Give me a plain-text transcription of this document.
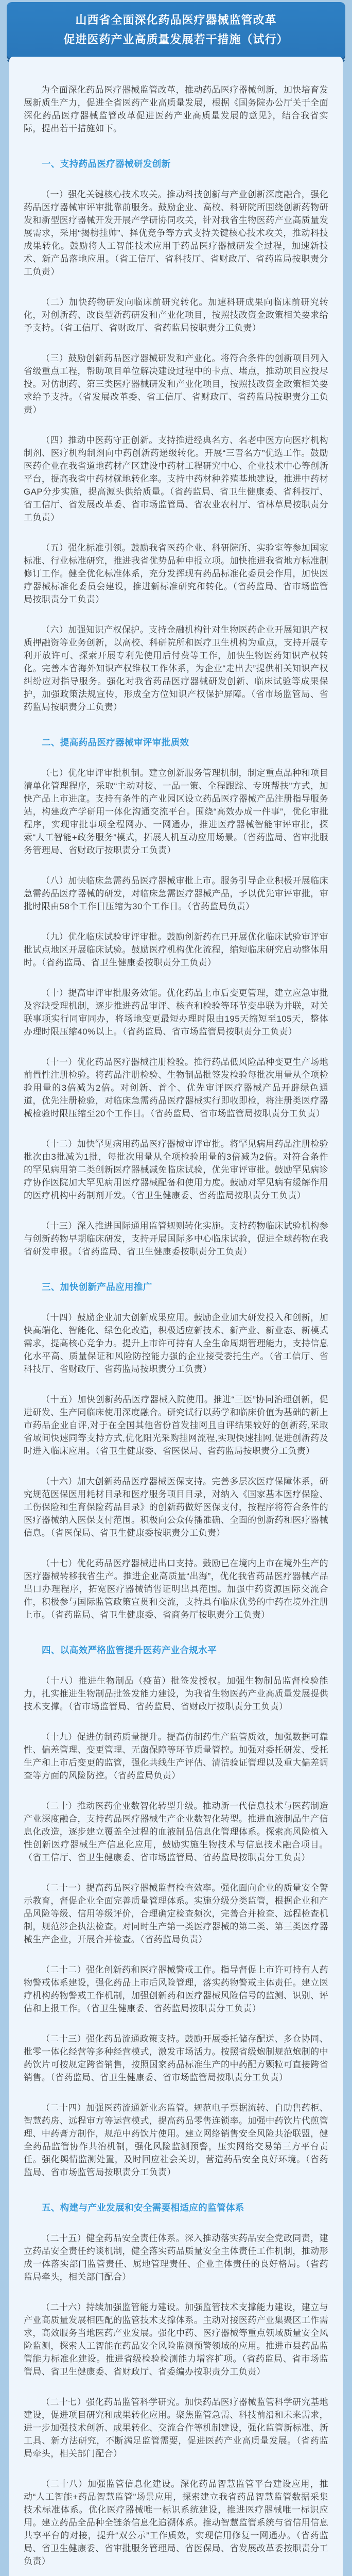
山西省全面深化药品医疗器械监管改革
促进医药产业高质量发展若干措施（试行）

为全面深化药品医疗器械监管改革，推动药品医疗器械创新，加快培育发展新质生产力，促进全省医药产业高质量发展，根据《国务院办公厅关于全面深化药品医疗器械监管改革促进医药产业高质量发展的意见》，结合我省实际，提出若干措施如下。

一、支持药品医疗器械研发创新

（一）强化关键核心技术攻关。推动科技创新与产业创新深度融合，强化药品医疗器械审评审批靠前服务。鼓励企业、高校、科研院所围绕创新药物研发和新型医疗器械开发开展产学研协同攻关，针对我省生物医药产业高质量发展需求，采用“揭榜挂帅”、择优竞争等方式支持关键核心技术攻关，推动科技成果转化。鼓励将人工智能技术应用于药品医疗器械研发全过程，加速新技术、新产品落地应用。（省工信厅、省科技厅、省财政厅、省药监局按职责分工负责）

（二）加快药物研发向临床前研究转化。加速科研成果向临床前研究转化，对创新药、改良型新药研发和产业化项目，按照技改资金政策相关要求给予支持。（省工信厅、省财政厅、省药监局按职责分工负责）

（三）鼓励创新药品医疗器械研发和产业化。将符合条件的创新项目列入省级重点工程，帮助项目单位解决建设过程中的卡点、堵点，推动项目应投尽投。对仿制药、第三类医疗器械研发和产业化项目，按照技改资金政策相关要求给予支持。（省发展改革委、省工信厅、省财政厅、省药监局按职责分工负责）

（四）推动中医药守正创新。支持推进经典名方、名老中医方向医疗机构制剂、医疗机构制剂向中药创新药递级转化。开展“三晋名方”优选工作。鼓励医药企业在我省道地药材产区建设中药材工程研究中心、企业技术中心等创新平台，提高我省中药材就地转化率。支持中药材种养殖基地建设，推进中药材GAP分步实施，提高源头供给质量。（省药监局、省卫生健康委、省科技厅、省工信厅、省发展改革委、省市场监管局、省农业农村厅、省林草局按职责分工负责）

（五）强化标准引领。鼓励我省医药企业、科研院所、实验室等参加国家标准、行业标准研究，推进我省优势品种申报立项。加快推进我省地方标准制修订工作。健全优化标准体系，充分发挥现有药品标准化委员会作用，加快医疗器械标准化委员会建设，推进新标准研究和转化。（省药监局、省市场监管局按职责分工负责）

（六）加强知识产权保护。支持金融机构针对生物医药企业开展知识产权质押融资等业务创新，以高校、科研院所和医疗卫生机构为重点，支持开展专利开放许可、探索开展专利先使用后付费等工作，加快生物医药知识产权转化。完善本省海外知识产权维权工作体系，为企业“走出去”提供相关知识产权纠纷应对指导服务。强化对我省药品医疗器械研发创新、临床试验等成果保护，加强政策法规宣传，形成全方位知识产权保护屏障。（省市场监管局、省药监局按职责分工负责）

二、提高药品医疗器械审评审批质效

（七）优化审评审批机制。建立创新服务管理机制，制定重点品种和项目清单化管理程序，采取“主动对接、一品一策、全程跟踪、专班帮扶”方式，加快产品上市进度。支持有条件的产业园区设立药品医疗器械产品注册指导服务站，构建政产学研用一体化沟通交流平台。围绕“高效办成一件事”，优化审批程序，实现审批事项全程网办、一网通办，推进医疗器械智能审评审批，探索“人工智能+政务服务”模式，拓展人机互动应用场景。（省药监局、省审批服务管理局、省财政厅按职责分工负责）

（八）加快临床急需药品医疗器械审批上市。服务引导企业积极开展临床急需药品医疗器械的研发，对临床急需医疗器械产品，予以优先审评审批，审批时限由58个工作日压缩为30个工作日。（省药监局负责）

（九）优化临床试验审评审批。鼓励创新药在已开展优化临床试验审评审批试点地区开展临床试验。鼓励医疗机构优化流程，缩短临床研究启动整体用时。（省药监局、省卫生健康委按职责分工负责）

（十）提高审评审批服务效能。优化药品上市后变更管理，建立应急审批及容缺受理机制，逐步推进药品审评、核查和检验等环节变串联为并联，对关联事项实行同审同办，将场地变更最短办理时限由195天缩短至105天，整体办理时限压缩40%以上。（省药监局、省市场监管局按职责分工负责）

（十一）优化药品医疗器械注册检验。推行药品低风险品种变更生产场地前置性注册检验。将药品注册检验、生物制品批签发检验每批次用量从全项检验用量的3倍减为2倍。对创新、首个、优先审评医疗器械产品开辟绿色通道，优先注册检验，对临床急需药品医疗器械实行即收即检，将注册类医疗器械检验时限压缩至20个工作日。（省药监局、省市场监管局按职责分工负责）

（十二）加快罕见病用药品医疗器械审评审批。将罕见病用药品注册检验批次由3批减为1批，每批次用量从全项检验用量的3倍减为2倍。对符合条件的罕见病用第二类创新医疗器械减免临床试验，优先审评审批。鼓励罕见病诊疗协作医院加大罕见病用医疗器械配备和使用力度。鼓励对罕见病有缓解作用的医疗机构中药制剂开发。（省卫生健康委、省药监局按职责分工负责）

（十三）深入推进国际通用监管规则转化实施。支持药物临床试验机构参与创新药物早期临床研发，支持开展国际多中心临床试验，促进全球药物在我省研发申报。（省药监局、省卫生健康委按职责分工负责）

三、加快创新产品应用推广

（十四）鼓励企业加大创新成果应用。鼓励企业加大研发投入和创新，加快高端化、智能化、绿色化改造，积极适应新技术、新产业、新业态、新模式需求，提高核心竞争力。提升上市许可持有人全生命周期管理能力，支持信息化水平高、质量保证和风险防控能力强的企业接受委托生产。（省工信厅、省科技厅、省财政厅、省药监局按职责分工负责）

（十五）加快创新药品医疗器械入院使用。推进“三医”协同治理创新，促进研发、生产同临床使用深度融合。研究试行以药学和临床价值为基础的新上市药品企业自评,对于在全国其他省份首发挂网且自评结果较好的创新药,采取省域间快速同等支持方式,优化阳光采购挂网流程,实现快速挂网,促进创新药及时进入临床应用。（省卫生健康委、省医保局、省药监局按职责分工负责）

（十六）加大创新药品医疗器械医保支持。完善多层次医疗保障体系，研究规范医保医用耗材目录和医疗服务项目目录，对纳入《国家基本医疗保险、工伤保险和生育保险药品目录》的创新药做好医保支付，按程序将符合条件的医疗器械纳入医保支付范围。积极向公众传播准确、全面的创新药和医疗器械信息。（省医保局、省卫生健康委按职责分工负责）

（十七）优化药品医疗器械进出口支持。鼓励已在境内上市在境外生产的医疗器械转移我省生产。推进企业高质量“出海”，优化我省药品医疗器械产品出口办理程序，拓宽医疗器械销售证明出具范围。加强中药资源国际交流合作，积极参与国际监管政策宣贯和交流，支持具有临床优势的中药在境外注册上市。（省药监局、省卫生健康委、省商务厅按职责分工负责）

四、以高效严格监管提升医药产业合规水平

（十八）推进生物制品（疫苗）批签发授权。加强生物制品监督检验能力，扎实推进生物制品批签发能力建设，为我省生物医药产业高质量发展提供技术支撑。（省市场监管局、省药监局、省财政厅按职责分工负责）

（十九）促进仿制药质量提升。提高仿制药生产监管质效，加强数据可靠性、偏差管理、变更管理、无菌保障等环节质量管控。加强对委托研发、受托生产和上市后变更的监管，强化共线生产评估、清洁验证管理以及重大偏差调查等方面的风险防控。（省药监局负责）

（二十）推动医药企业数智化转型升级。推动新一代信息技术与医药制造产业深度融合，支持药品医疗器械生产企业数智化转型。推进血液制品生产信息化改造，逐步建立覆盖全过程的血液制品信息化管理体系。探索高风险植入性创新医疗器械生产信息化应用，鼓励实施生物技术与信息技术融合项目。（省工信厅、省卫生健康委、省市场监管局、省药监局按职责分工负责）

（二十一）提高药品医疗器械监督检查效率。强化面向企业的质量安全警示教育，督促企业全面完善质量管理体系。实施分级分类监管，根据企业和产品风险等级、信用等级评价，合理确定检查频次，完善合并检查、远程检查机制，规范涉企执法检查。对同时生产第一类医疗器械的第二类、第三类医疗器械生产企业，开展合并检查。（省药监局负责）

（二十二）强化创新药和医疗器械警戒工作。指导督促上市许可持有人药物警戒体系建设，强化药品上市后风险管理，落实药物警戒主体责任。建立医疗机构药物警戒工作机制，加强创新药和医疗器械风险信号的监测、识别、评估和上报工作。（省卫生健康委、省药监局按职责分工负责）

（二十三）强化药品流通政策支持。鼓励开展委托储存配送、多仓协同、批零一体化经营等多种经营模式，激发市场活力。按照省级炮制规范炮制的中药饮片可按规定跨省销售，按照国家药品标准生产的中药配方颗粒可直接跨省销售。（省药监局、省卫生健康委、省市场监管局按职责分工负责）

（二十四）加强医药流通新业态监管。规范电子票据流转、自助售药柜、智慧药房、远程审方等运营模式，提高药品零售连锁率。加强中药饮片代煎管理、中药膏方制作，规范中药饮片使用。建立网络销售安全风险共治联盟，健全药品监管协作共治机制，强化风险监测预警，压实网络交易第三方平台责任。强化舆情监测处置，及时回应社会关切，营造药品安全良好环境。（省药监局、省市场监管局按职责分工负责）

五、构建与产业发展和安全需要相适应的监管体系

（二十五）健全药品安全责任体系。深入推动落实药品安全党政同责，建立药品安全责任约谈机制，健全落实药品质量安全主体责任工作机制，推动形成一体落实部门监管责任、属地管理责任、企业主体责任的良好格局。（省药监局牵头，相关部门配合）

（二十六）持续加强监管能力建设。加强监管技术支撑能力建设，建立与产业高质量发展相匹配的监管技术支撑体系。主动对接医药产业集聚区工作需求，高效服务当地医药产业发展。强化中药、医疗器械等重点领域质量安全风险监测，探索人工智能在药品安全风险监测预警领域的应用。推进市县药品监管能力标准化建设。推进省级检验检测能力增容扩项。（省药监局、省市场监管局、省卫生健康委、省财政厅、省委编办按职责分工负责）

（二十七）强化药品监管科学研究。加快药品医疗器械监管科学研究基地建设，促进项目研究和成果转化应用。聚焦监管急需、科技前沿和未来需求，进一步加强技术创新、成果转化、交流合作等机制建设，强化监管新标准、新工具、新方法研究，不断满足监管需要，促进医药产业高质量发展。（省药监局牵头，相关部门配合）

（二十八）加强监管信息化建设。深化药品智慧监管平台建设应用，推动“人工智能+药品智慧监管”场景应用，探索建立我省药品智慧监管数据采集技术标准体系。优化医疗器械唯一标识系统建设，推进医疗器械唯一标识应用。建立药品全品种全链条信息化追溯体系。推动智慧监管系统与省信用信息共享平台的对接，提升“双公示”工作质效，实现信用修复一网通办。（省药监局、省卫生健康委、省审批服务管理局、省医保局、省发展改革委按职责分工负责）
